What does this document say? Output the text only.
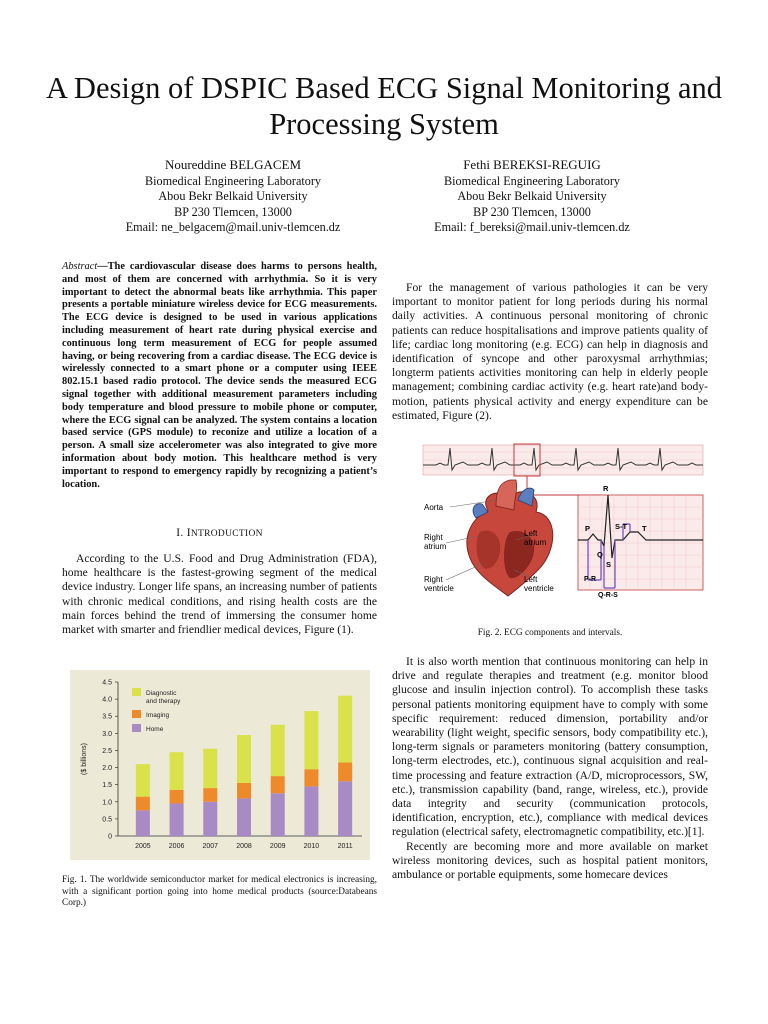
A Design of DSPIC Based ECG Signal Monitoring and Processing System
Noureddine BELGACEM
Biomedical Engineering Laboratory
Abou Bekr Belkaid University
BP 230 Tlemcen, 13000
Email: ne_belgacem@mail.univ-tlemcen.dz
Fethi BEREKSI-REGUIG
Biomedical Engineering Laboratory
Abou Bekr Belkaid University
BP 230 Tlemcen, 13000
Email: f_bereksi@mail.univ-tlemcen.dz
Abstract—The cardiovascular disease does harms to persons health, and most of them are concerned with arrhythmia. So it is very important to detect the abnormal beats like arrhythmia. This paper presents a portable miniature wireless device for ECG measurements. The ECG device is designed to be used in various applications including measurement of heart rate during physical exercise and continuous long term measurement of ECG for people assumed having, or being recovering from a cardiac disease. The ECG device is wirelessly connected to a smart phone or a computer using IEEE 802.15.1 based radio protocol. The device sends the measured ECG signal together with additional measurement parameters including body temperature and blood pressure to mobile phone or computer, where the ECG signal can be analyzed. The system contains a location based service (GPS module) to reconize and utilize a location of a person. A small size accelerometer was also integrated to give more information about body motion. This healthcare method is very important to respond to emergency rapidly by recognizing a patient’s location.
I. INTRODUCTION

According to the U.S. Food and Drug Administration (FDA), home healthcare is the fastest-growing segment of the medical device industry. Longer life spans, an increasing number of patients with chronic medical conditions, and rising health costs are the main forces behind the trend of immersing the consumer home market with smarter and friendlier medical devices, Figure (1).

0
0.5
1.0
1.5
2.0
2.5
3.0
3.5
4.0
4.5
($ billions)
2005	2006	2007	2008	2009	2010	2011
Diagnostic
and therapy
Imaging
Home
Fig. 1. The worldwide semiconductor market for medical electronics is increasing, with a significant portion going into home medical products (source:Databeans Corp.)

For the management of various pathologies it can be very important to monitor patient for long periods during his normal daily activities. A continuous personal monitoring of chronic patients can reduce hospitalisations and improve patients quality of life; cardiac long monitoring (e.g. ECG) can help in diagnosis and identification of syncope and other paroxysmal arrhythmias; longterm patients activities monitoring can help in elderly people management; combining cardiac activity (e.g. heart rate)and body-motion, patients physical activity and energy expenditure can be estimated, Figure (2).

R
P	S-T T
Q
S
P-R
Q-R-S
Aorta
Right
atrium
Right
ventricle
Left
atrium
Left
ventricle
Fig. 2. ECG components and intervals.

It is also worth mention that continuous monitoring can help in drive and regulate therapies and treatment (e.g. monitor blood glucose and insulin injection control). To accomplish these tasks personal patients monitoring equipment have to comply with some specific requirement: reduced dimension, portability and/or wearability (light weight, specific sensors, body compatibility etc.), long-term signals or parameters monitoring (battery consumption, long-term electrodes, etc.), continuous signal acquisition and real-time processing and feature extraction (A/D, microprocessors, SW, etc.), transmission capability (band, range, wireless, etc.), provide data integrity and security (communication protocols, identification, encryption, etc.), compliance with medical devices regulation (electrical safety, electromagnetic compatibility, etc.)[1].

Recently are becoming more and more available on market wireless monitoring devices, such as hospital patient monitors, ambulance or portable equipments, some homecare devices
